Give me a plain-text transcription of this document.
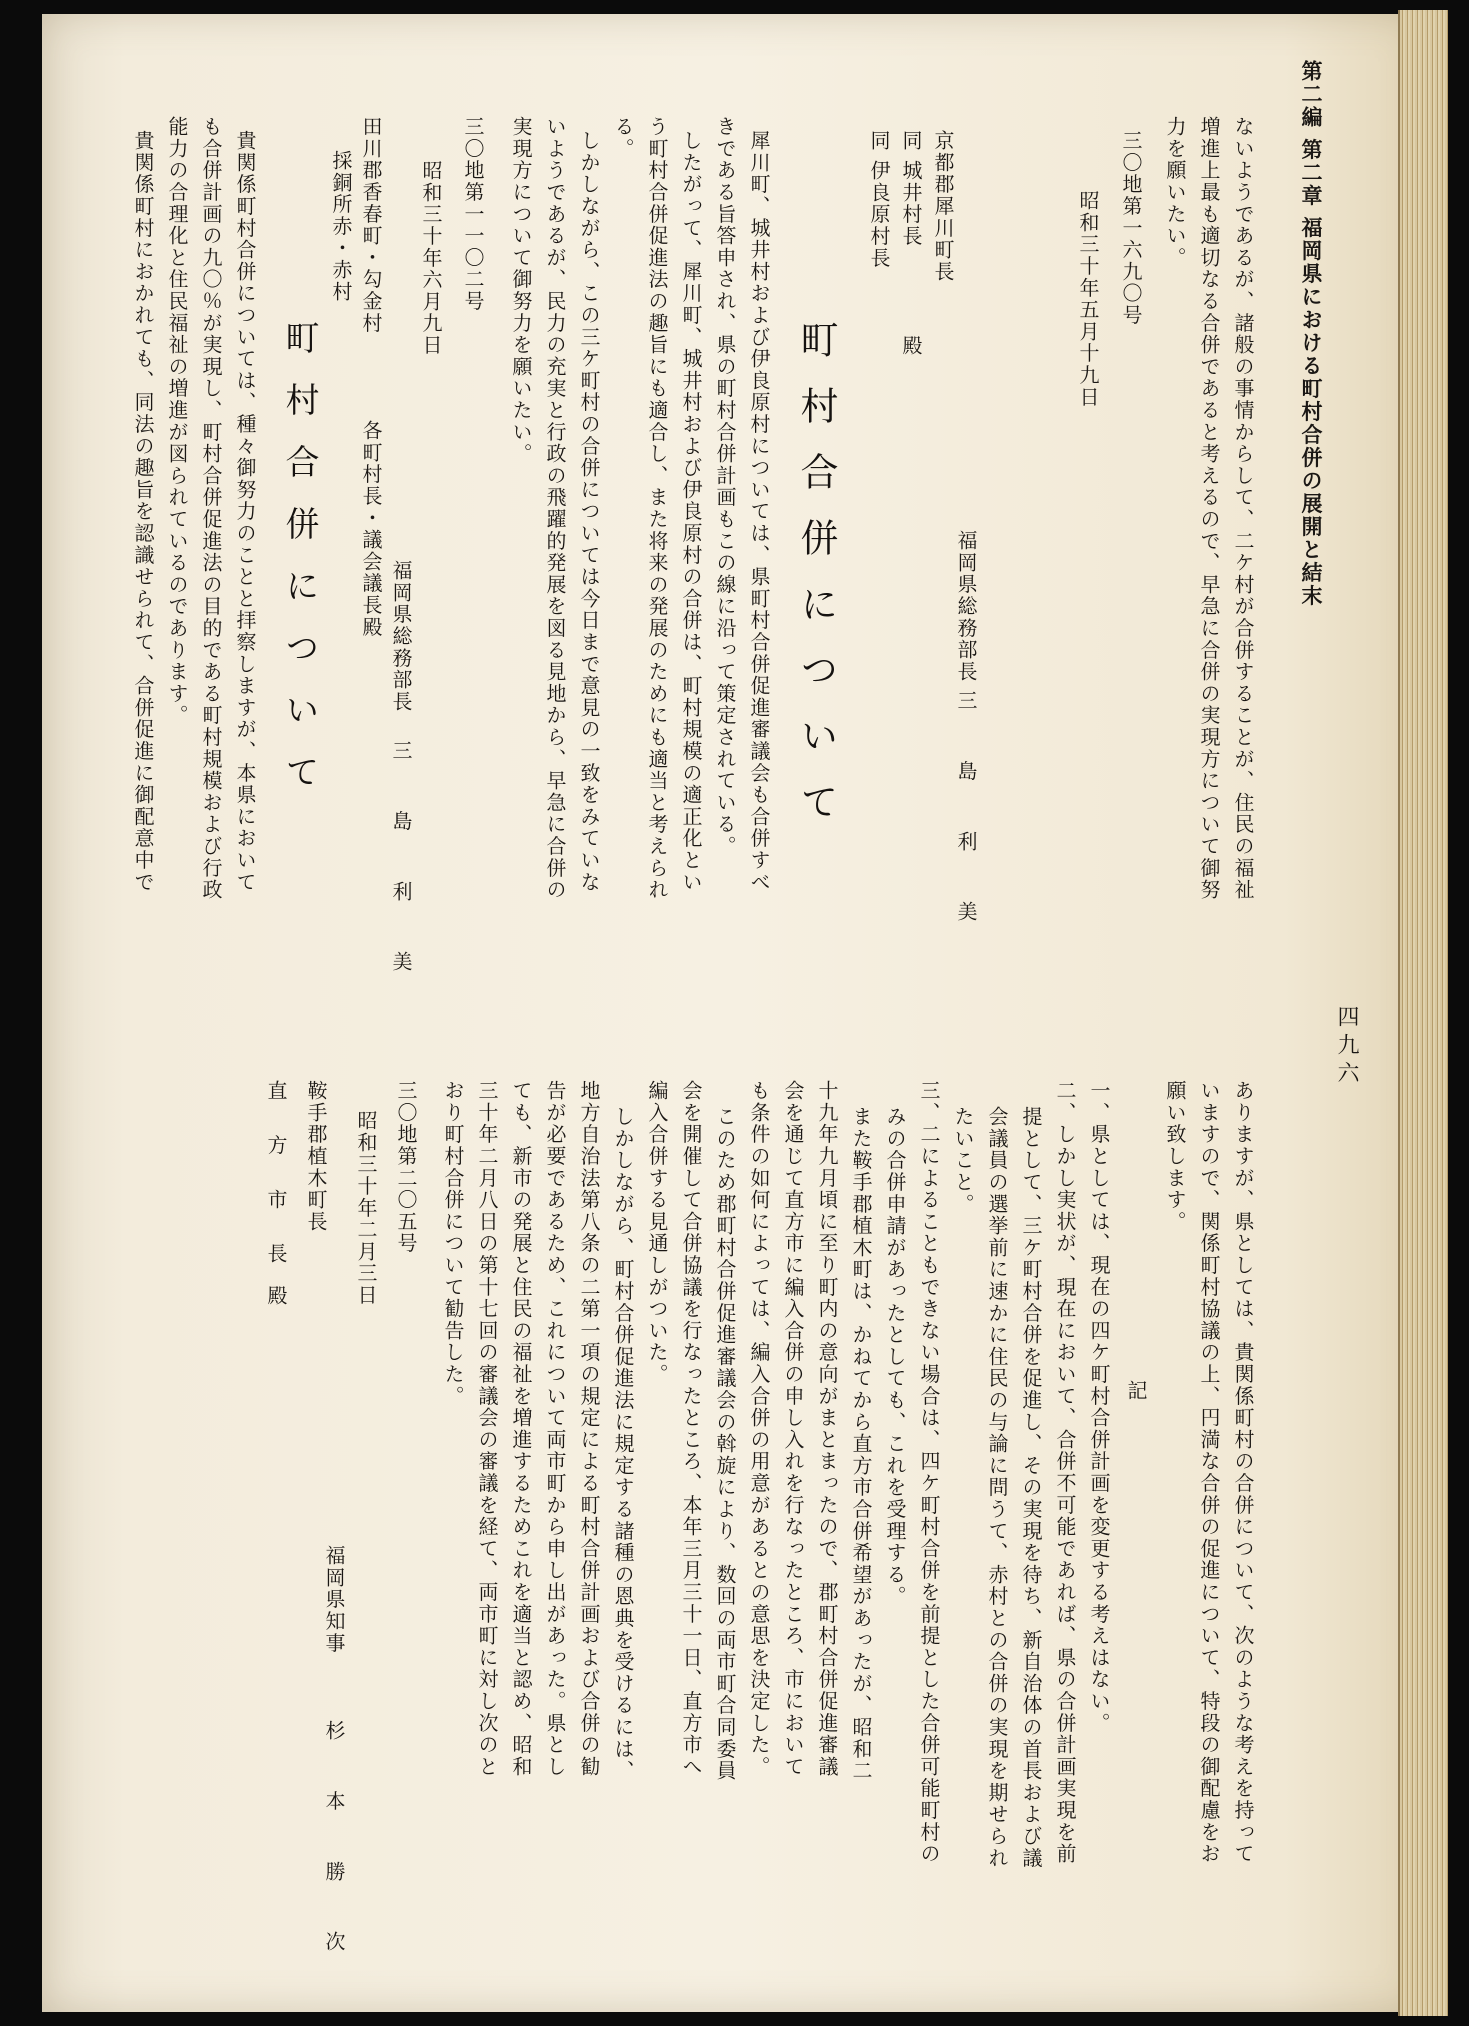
第二編 第二章 福岡県における町村合併の展開と結末
四九六
ないようであるが、諸般の事情からして、二ケ村が合併することが、住民の福祉
増進上最も適切なる合併であると考えるので、早急に合併の実現方について御努
力を願いたい。
三〇地第一六九〇号
昭和三十年五月十九日
福岡県総務部長
三 島 利 美
京都郡犀川町長
同 城井村長
殿
同 伊良原村長
町村合併について
犀川町、城井村および伊良原村については、県町村合併促進審議会も合併すべ
きである旨答申され、県の町村合併計画もこの線に沿って策定されている。
したがって、犀川町、城井村および伊良原村の合併は、町村規模の適正化とい
う町村合併促進法の趣旨にも適合し、また将来の発展のためにも適当と考えられ
る。
しかしながら、この三ケ町村の合併については今日まで意見の一致をみていな
いようであるが、民力の充実と行政の飛躍的発展を図る見地から、早急に合併の
実現方について御努力を願いたい。
三〇地第一一〇二号
昭和三十年六月九日
福岡県総務部長
三 島 利 美
田川郡香春町・勾金村
採銅所赤・赤村
各町村長・議会議長殿
町村合併について
貴関係町村合併については、種々御努力のことと拝察しますが、本県において
も合併計画の九〇％が実現し、町村合併促進法の目的である町村規模および行政
能力の合理化と住民福祉の増進が図られているのであります。
貴関係町村におかれても、同法の趣旨を認識せられて、合併促進に御配意中で
ありますが、県としては、貴関係町村の合併について、次のような考えを持って
いますので、関係町村協議の上、円満な合併の促進について、特段の御配慮をお
願い致します。
記
一、県としては、現在の四ケ町村合併計画を変更する考えはない。
二、しかし実状が、現在において、合併不可能であれば、県の合併計画実現を前
提として、三ケ町村合併を促進し、その実現を待ち、新自治体の首長および議
会議員の選挙前に速かに住民の与論に問うて、赤村との合併の実現を期せられ
たいこと。
三、二によることもできない場合は、四ケ町村合併を前提とした合併可能町村の
みの合併申請があったとしても、これを受理する。
また鞍手郡植木町は、かねてから直方市合併希望があったが、昭和二
十九年九月頃に至り町内の意向がまとまったので、郡町村合併促進審議
会を通じて直方市に編入合併の申し入れを行なったところ、市において
も条件の如何によっては、編入合併の用意があるとの意思を決定した。
このため郡町村合併促進審議会の斡旋により、数回の両市町合同委員
会を開催して合併協議を行なったところ、本年三月三十一日、直方市へ
編入合併する見通しがついた。
しかしながら、町村合併促進法に規定する諸種の恩典を受けるには、
地方自治法第八条の二第一項の規定による町村合併計画および合併の勧
告が必要であるため、これについて両市町から申し出があった。県とし
ても、新市の発展と住民の福祉を増進するためこれを適当と認め、昭和
三十年二月八日の第十七回の審議会の審議を経て、両市町に対し次のと
おり町村合併について勧告した。
三〇地第二〇五号
昭和三十年二月三日
福岡県知事
杉 本 勝 次
鞍手郡植木町長
直 方 市 長
殿
